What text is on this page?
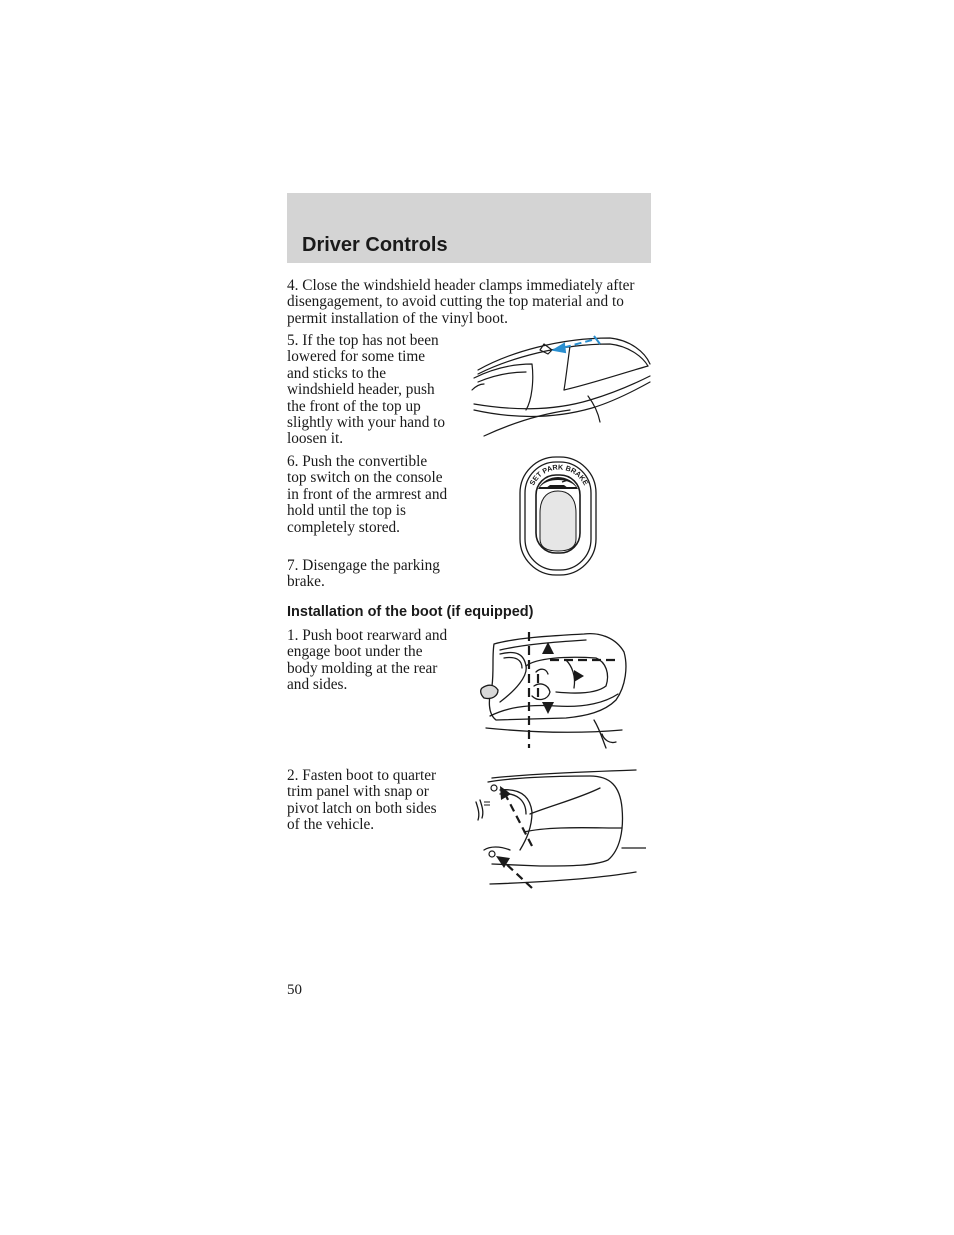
Driver Controls

4. Close the windshield header clamps immediately after disengagement, to avoid cutting the top material and to permit installation of the vinyl boot.

5. If the top has not been lowered for some time and sticks to the windshield header, push the front of the top up slightly with your hand to loosen it.

6. Push the convertible top switch on the console in front of the armrest and hold until the top is completely stored.

7. Disengage the parking brake.

SET PARK BRAKE
Installation of the boot (if equipped)

1. Push boot rearward and engage boot under the body molding at the rear and sides.

2. Fasten boot to quarter trim panel with snap or pivot latch on both sides of the vehicle.

50
